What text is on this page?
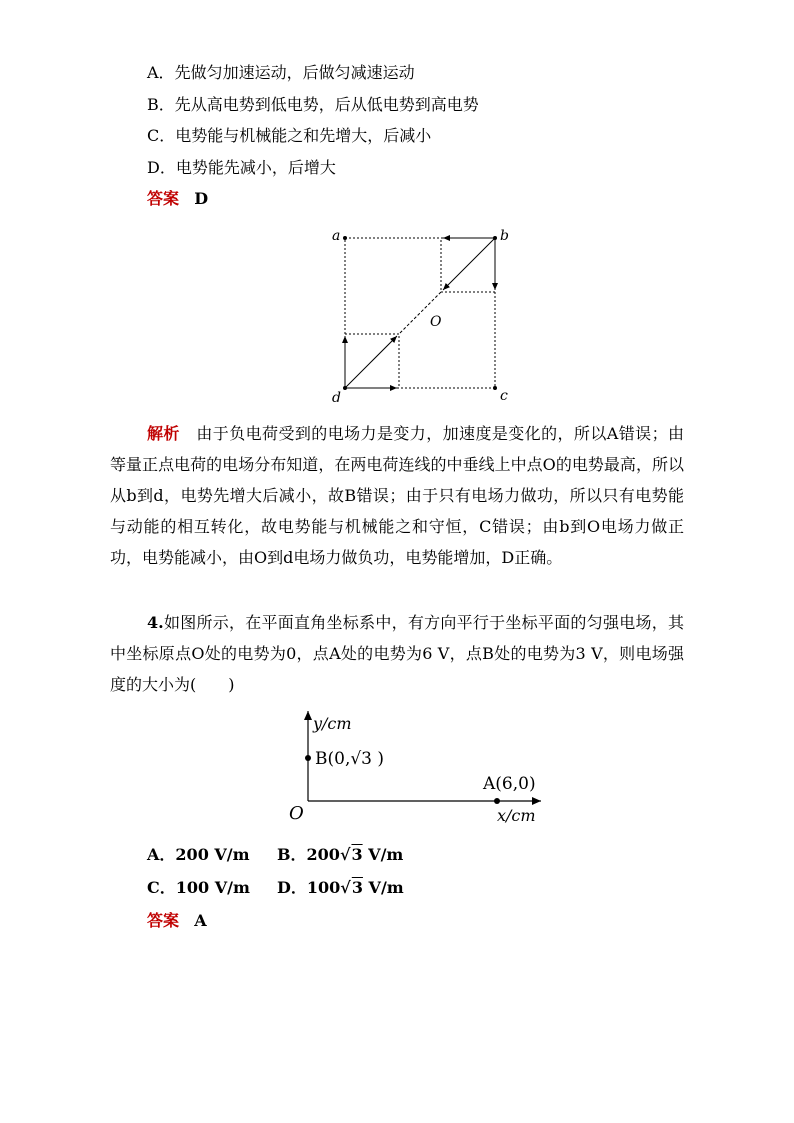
A．先做匀加速运动，后做匀减速运动
B．先从高电势到低电势，后从低电势到高电势
C．电势能与机械能之和先增大，后减小
D．电势能先减小，后增大
答案 D
a	b
c
d
O
解析 由于负电荷受到的电场力是变力，加速度是变化的，所以A错误；由等量正点电荷的电场分布知道，在两电荷连线的中垂线上中点O的电势最高，所以从b到d，电势先增大后减小，故B错误；由于只有电场力做功，所以只有电势能与动能的相互转化，故电势能与机械能之和守恒，C错误；由b到O电场力做正功，电势能减小，由O到d电场力做负功，电势能增加，D正确。
4.如图所示，在平面直角坐标系中，有方向平行于坐标平面的匀强电场，其中坐标原点O处的电势为0，点A处的电势为6 V，点B处的电势为3 V，则电场强度的大小为(　　)
y/cm
x/cm
O
B(0,√3 )
A(6,0)
A．200 V/m B．200√3 V/m
C．100 V/m D．100√3 V/m
答案 A
